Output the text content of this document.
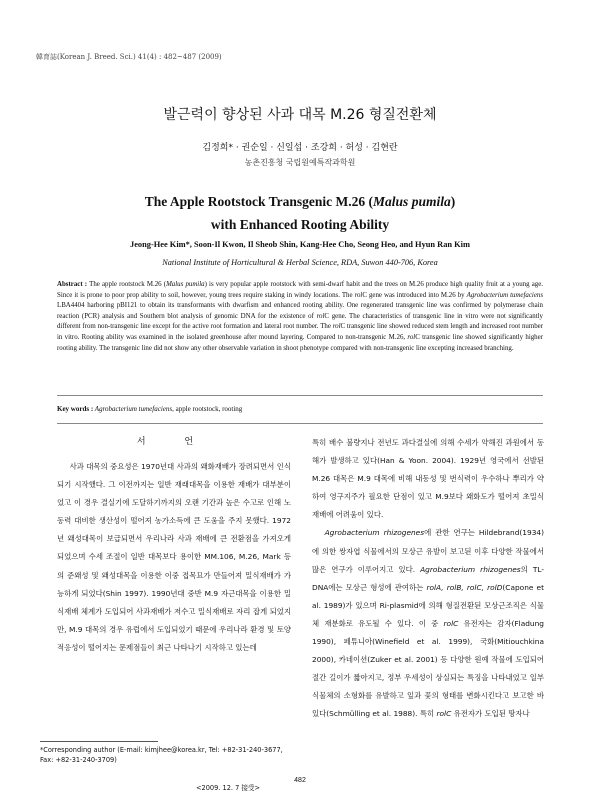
韓育誌(Korean J. Breed. Sci.) 41(4) : 482~487 (2009)
발근력이 향상된 사과 대목 M.26 형질전환체
김정희* · 권순일 · 신일섭 · 조강희 · 허성 · 김현란
농촌진흥청 국립원예특작과학원
The Apple Rootstock Transgenic M.26 (Malus pumila)
with Enhanced Rooting Ability
Jeong-Hee Kim*, Soon-Il Kwon, Il Sheob Shin, Kang-Hee Cho, Seong Heo, and Hyun Ran Kim
National Institute of Horticultural & Herbal Science, RDA, Suwon 440-706, Korea
Abstract : The apple rootstock M.26 (Malus pumila) is very popular apple rootstock with semi-dwarf habit and the trees on M.26 produce high quality fruit at a young age. Since it is prone to poor prop ability to soil, however, young trees require staking in windy locations. The rolC gene was introduced into M.26 by Agrobacterium tumefaciens LBA4404 harboring pBI121 to obtain its transformants with dwarfism and enhanced rooting ability. One regenerated transgenic line was confirmed by polymerase chain reaction (PCR) analysis and Southern blot analysis of genomic DNA for the existence of rolC gene. The characteristics of transgenic line in vitro were not significantly different from non-transgenic line except for the active root formation and lateral root number. The rolC transgenic line showed reduced stem length and increased root number in vitro. Rooting ability was examined in the isolated greenhouse after mound layering. Compared to non-transgenic M.26, rolC transgenic line showed significantly higher rooting ability. The transgenic line did not show any other observable variation in shoot phenotype compared with non-transgenic line excepting increased branching.
Key words : Agrobacterium tumefaciens, apple rootstock, rooting
서 언

사과 대목의 중요성은 1970년대 사과의 왜화재배가 장려되면서 인식되기 시작했다. 그 이전까지는 일반 재래대목을 이용한 재배가 대부분이었고 이 경우 결실기에 도달하기까지의 오랜 기간과 높은 수고로 인해 노동력 대비한 생산성이 떨어져 농가소득에 큰 도움을 주지 못했다. 1972년 왜성대목이 보급되면서 우리나라 사과 재배에 큰 전환점을 가져오게 되었으며 수세 조절이 일반 대목보다 용이한 MM.106, M.26, Mark 등의 준왜성 및 왜성대목을 이용한 이중 접목묘가 만들어져 밀식재배가 가능하게 되었다(Shin 1997). 1990년대 중반 M.9 자근대목을 이용한 밀식재배 체계가 도입되어 사과재배가 저수고 밀식재배로 자리 잡게 되었지만, M.9 대목의 경우 유럽에서 도입되었기 때문에 우리나라 환경 및 토양 적응성이 떨어지는 문제점들이 최근 나타나기 시작하고 있는데

특히 배수 불량지나 전년도 과다결실에 의해 수세가 약해진 과원에서 동해가 발생하고 있다(Han & Yoon. 2004). 1929년 영국에서 선발된 M.26 대목은 M.9 대목에 비해 내동성 및 번식력이 우수하나 뿌리가 약하여 영구지주가 필요한 단점이 있고 M.9보다 왜화도가 떨어져 초밀식 재배에 어려움이 있다.

Agrobacterium rhizogenes에 관한 연구는 Hildebrand(1934)에 의한 쌍자엽 식물에서의 모상근 유발이 보고된 이후 다양한 작물에서 많은 연구가 이루어지고 있다. Agrobacterium rhizogenes의 TL-DNA에는 모상근 형성에 관여하는 rolA, rolB, rolC, rolD(Capone et al. 1989)가 있으며 Ri-plasmid에 의해 형질전환된 모상근조직은 식물체 재분화로 유도될 수 있다. 이 중 rolC 유전자는 감자(Fladung 1990), 페튜니아(Winefield et al. 1999), 국화(Mitiouchkina 2000), 카네이션(Zuker et al. 2001) 등 다양한 원예 작물에 도입되어 절간 길이가 짧아지고, 정부 우세성이 상실되는 특징을 나타내었고 일부 식물체의 소형화를 유발하고 잎과 꽃의 형태를 변화시킨다고 보고한 바 있다(Schmülling et al. 1988). 특히 rolC 유전자가 도입된 땅자나

*Corresponding author (E-mail: kimjhee@korea.kr, Tel: +82-31-240-3677, Fax: +82-31-240-3709)
<2009. 12. 7 接受>
482
